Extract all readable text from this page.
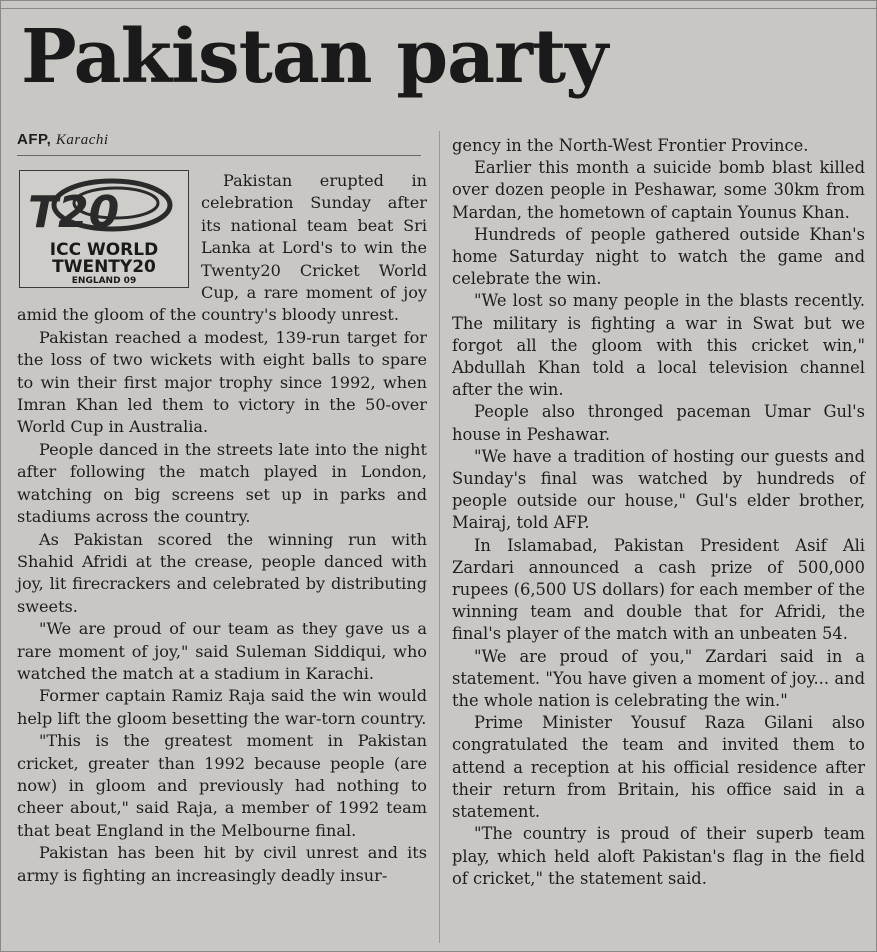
Pakistan party
AFP, Karachi
T20
ICC WORLD
TWENTY20
ENGLAND 09

Pakistan erupted in celebration Sunday after its national team beat Sri Lanka at Lord's to win the Twenty20 Cricket World Cup, a rare moment of joy amid the gloom of the country's bloody unrest.

Pakistan reached a modest, 139-run target for the loss of two wickets with eight balls to spare to win their first major trophy since 1992, when Imran Khan led them to victory in the 50-over World Cup in Australia.

People danced in the streets late into the night after following the match played in London, watching on big screens set up in parks and stadiums across the country.

As Pakistan scored the winning run with Shahid Afridi at the crease, people danced with joy, lit firecrackers and celebrated by distributing sweets.

"We are proud of our team as they gave us a rare moment of joy," said Suleman Siddiqui, who watched the match at a stadium in Karachi.

Former captain Ramiz Raja said the win would help lift the gloom besetting the war-torn country.

"This is the greatest moment in Pakistan cricket, greater than 1992 because people (are now) in gloom and previously had nothing to cheer about," said Raja, a member of 1992 team that beat England in the Melbourne final.

Pakistan has been hit by civil unrest and its army is fighting an increasingly deadly insur-

gency in the North-West Frontier Province.

Earlier this month a suicide bomb blast killed over dozen people in Peshawar, some 30km from Mardan, the hometown of captain Younus Khan.

Hundreds of people gathered outside Khan's home Saturday night to watch the game and celebrate the win.

"We lost so many people in the blasts recently. The military is fighting a war in Swat but we forgot all the gloom with this cricket win," Abdullah Khan told a local television channel after the win.

People also thronged paceman Umar Gul's house in Peshawar.

"We have a tradition of hosting our guests and Sunday's final was watched by hundreds of people outside our house," Gul's elder brother, Mairaj, told AFP.

In Islamabad, Pakistan President Asif Ali Zardari announced a cash prize of 500,000 rupees (6,500 US dollars) for each member of the winning team and double that for Afridi, the final's player of the match with an unbeaten 54.

"We are proud of you," Zardari said in a statement. "You have given a moment of joy... and the whole nation is celebrating the win."

Prime Minister Yousuf Raza Gilani also congratulated the team and invited them to attend a reception at his official residence after their return from Britain, his office said in a statement.

"The country is proud of their superb team play, which held aloft Pakistan's flag in the field of cricket," the statement said.
